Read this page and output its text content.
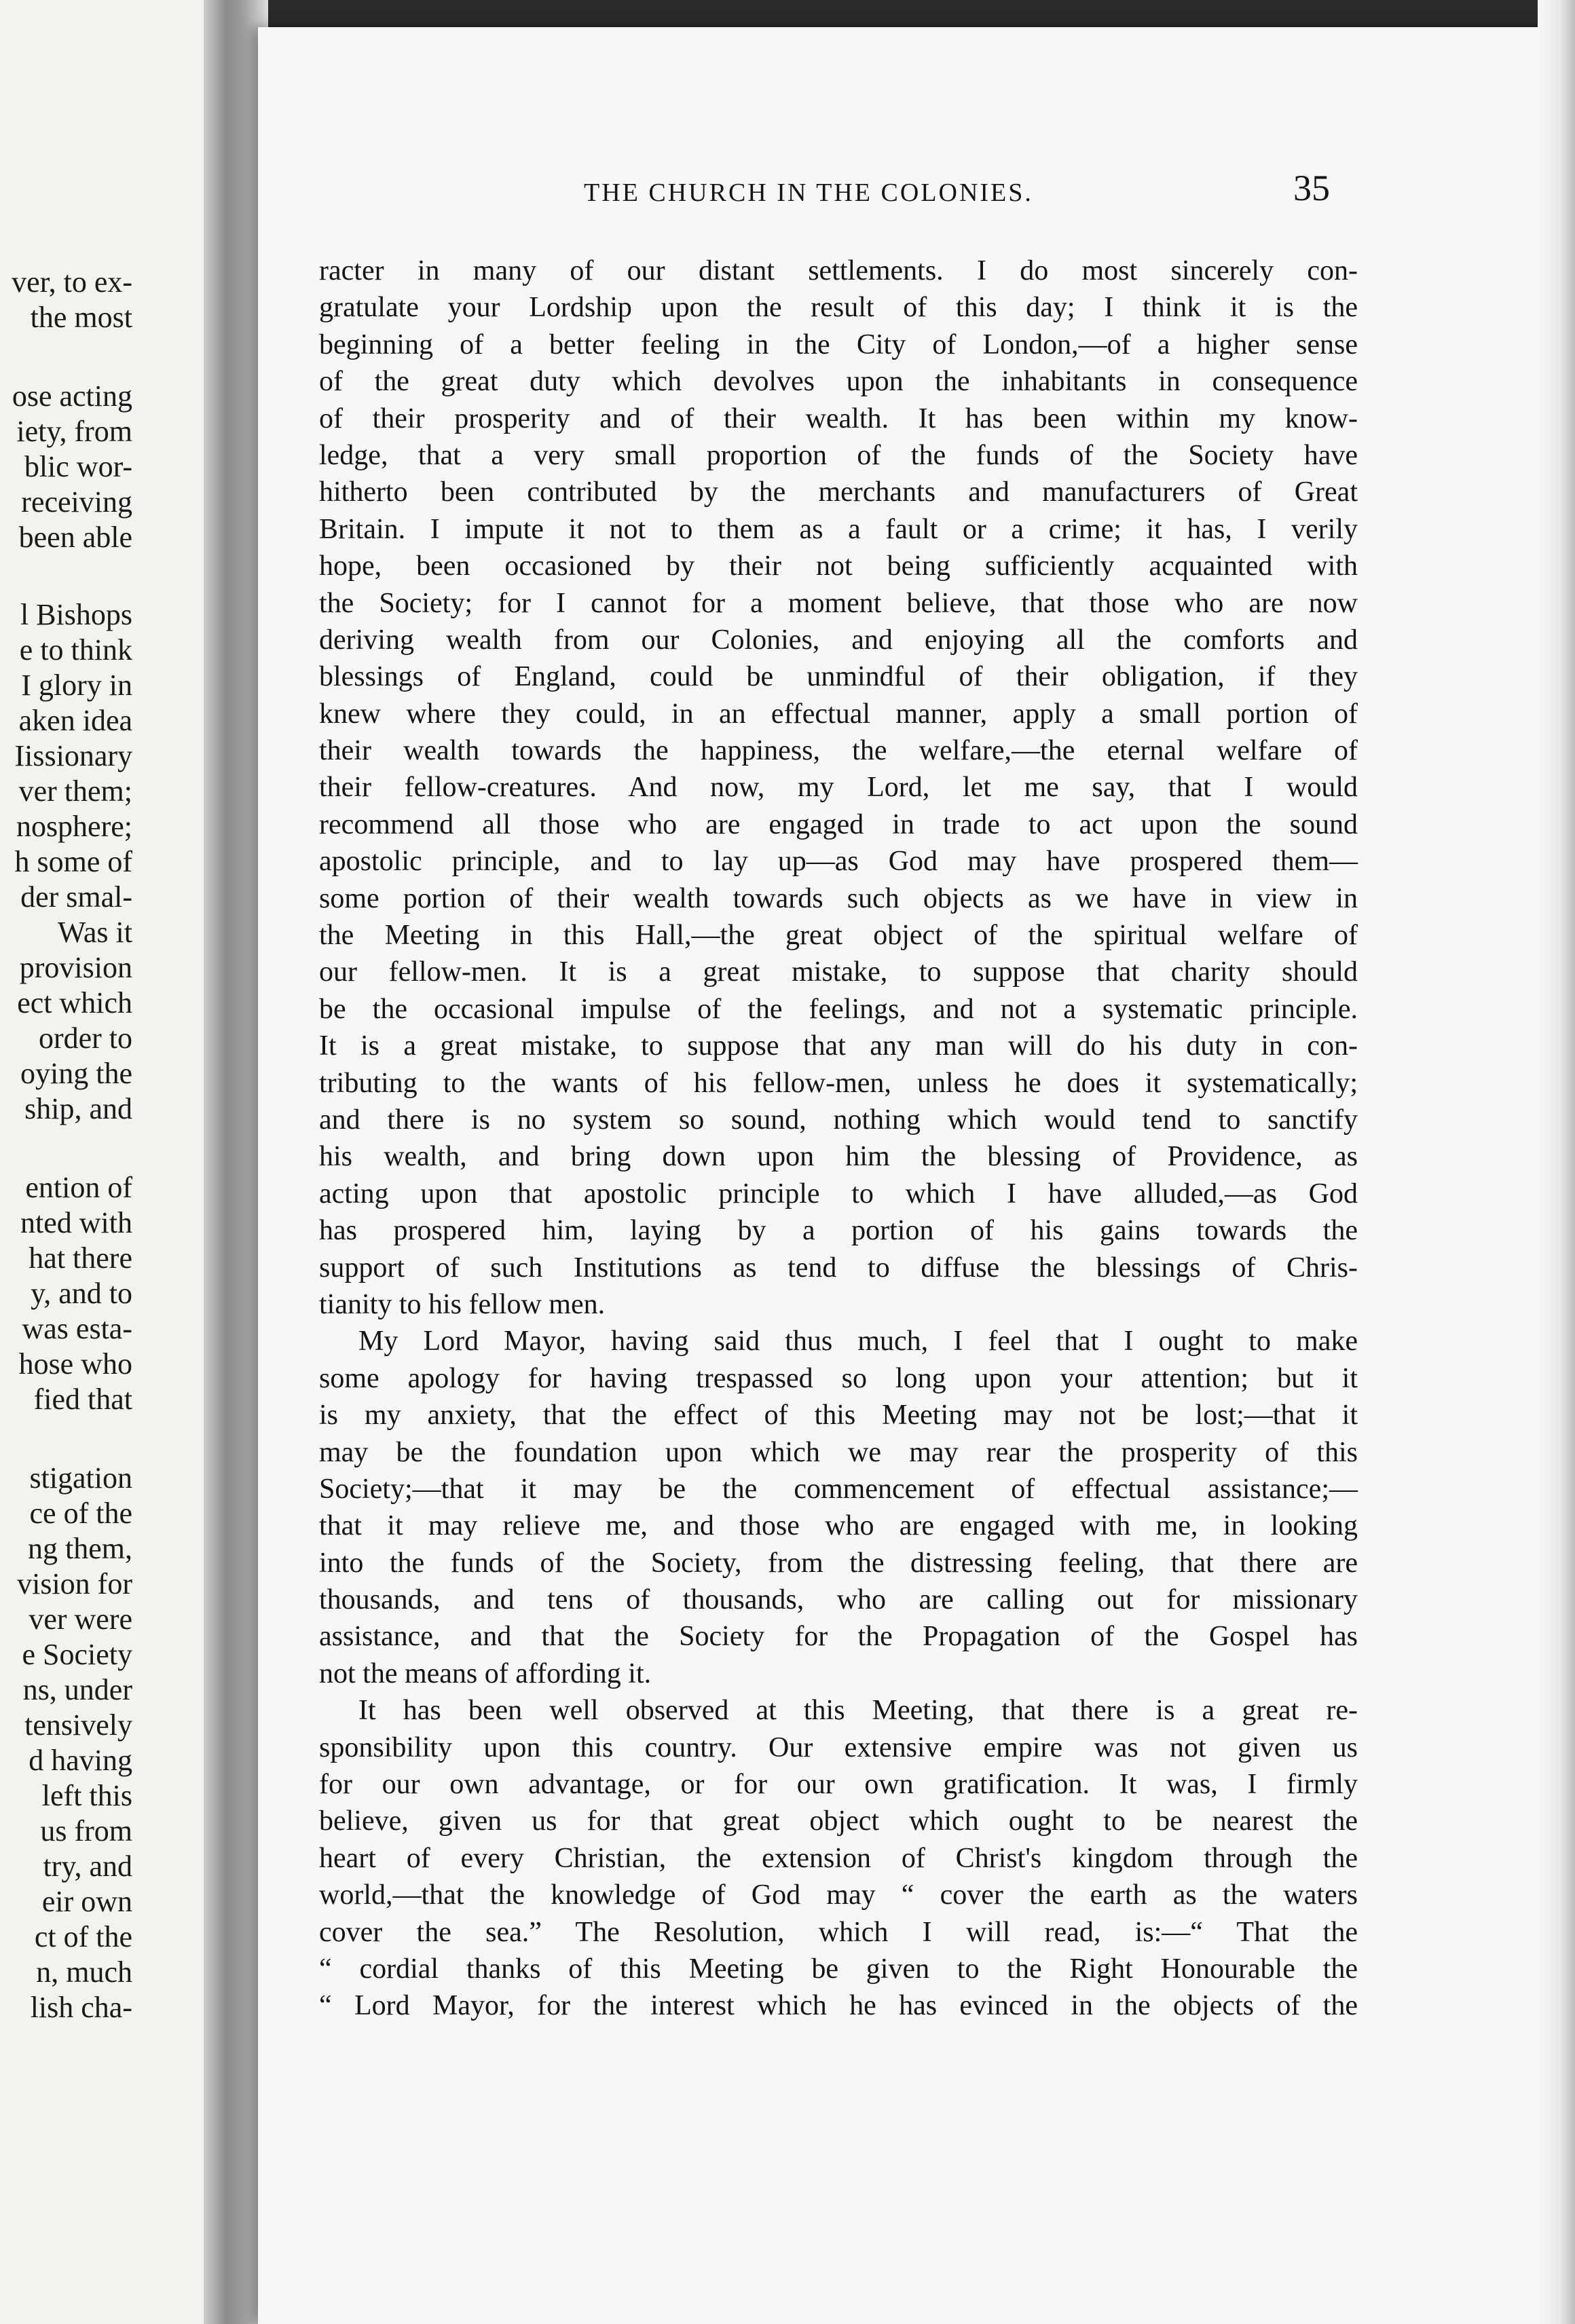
ver, to ex-
the most
ose acting
iety, from
blic wor-
receiving
been able
l Bishops
e to think
I glory in
aken idea
Iissionary
ver them;
nosphere;
h some of
der smal-
Was it
provision
ect which
order to
oying the
ship, and
ention of
nted with
hat there
y, and to
was esta-
hose who
fied that
stigation
ce of the
ng them,
vision for
ver were
e Society
ns, under
tensively
d having
left this
us from
try, and
eir own
ct of the
n, much
lish cha-
THE CHURCH IN THE COLONIES.	35
racter in many of our distant settlements. I do most sincerely con-
gratulate your Lordship upon the result of this day; I think it is the
beginning of a better feeling in the City of London,—of a higher sense
of the great duty which devolves upon the inhabitants in consequence
of their prosperity and of their wealth. It has been within my know-
ledge, that a very small proportion of the funds of the Society have
hitherto been contributed by the merchants and manufacturers of Great
Britain. I impute it not to them as a fault or a crime; it has, I verily
hope, been occasioned by their not being sufficiently acquainted with
the Society; for I cannot for a moment believe, that those who are now
deriving wealth from our Colonies, and enjoying all the comforts and
blessings of England, could be unmindful of their obligation, if they
knew where they could, in an effectual manner, apply a small portion of
their wealth towards the happiness, the welfare,—the eternal welfare of
their fellow-creatures. And now, my Lord, let me say, that I would
recommend all those who are engaged in trade to act upon the sound
apostolic principle, and to lay up—as God may have prospered them—
some portion of their wealth towards such objects as we have in view in
the Meeting in this Hall,—the great object of the spiritual welfare of
our fellow-men. It is a great mistake, to suppose that charity should
be the occasional impulse of the feelings, and not a systematic principle.
It is a great mistake, to suppose that any man will do his duty in con-
tributing to the wants of his fellow-men, unless he does it systematically;
and there is no system so sound, nothing which would tend to sanctify
his wealth, and bring down upon him the blessing of Providence, as
acting upon that apostolic principle to which I have alluded,—as God
has prospered him, laying by a portion of his gains towards the
support of such Institutions as tend to diffuse the blessings of Chris-
tianity to his fellow men.
My Lord Mayor, having said thus much, I feel that I ought to make
some apology for having trespassed so long upon your attention; but it
is my anxiety, that the effect of this Meeting may not be lost;—that it
may be the foundation upon which we may rear the prosperity of this
Society;—that it may be the commencement of effectual assistance;—
that it may relieve me, and those who are engaged with me, in looking
into the funds of the Society, from the distressing feeling, that there are
thousands, and tens of thousands, who are calling out for missionary
assistance, and that the Society for the Propagation of the Gospel has
not the means of affording it.
It has been well observed at this Meeting, that there is a great re-
sponsibility upon this country. Our extensive empire was not given us
for our own advantage, or for our own gratification. It was, I firmly
believe, given us for that great object which ought to be nearest the
heart of every Christian, the extension of Christ's kingdom through the
world,—that the knowledge of God may “ cover the earth as the waters
cover the sea.” The Resolution, which I will read, is:—“ That the
“ cordial thanks of this Meeting be given to the Right Honourable the
“ Lord Mayor, for the interest which he has evinced in the objects of the
